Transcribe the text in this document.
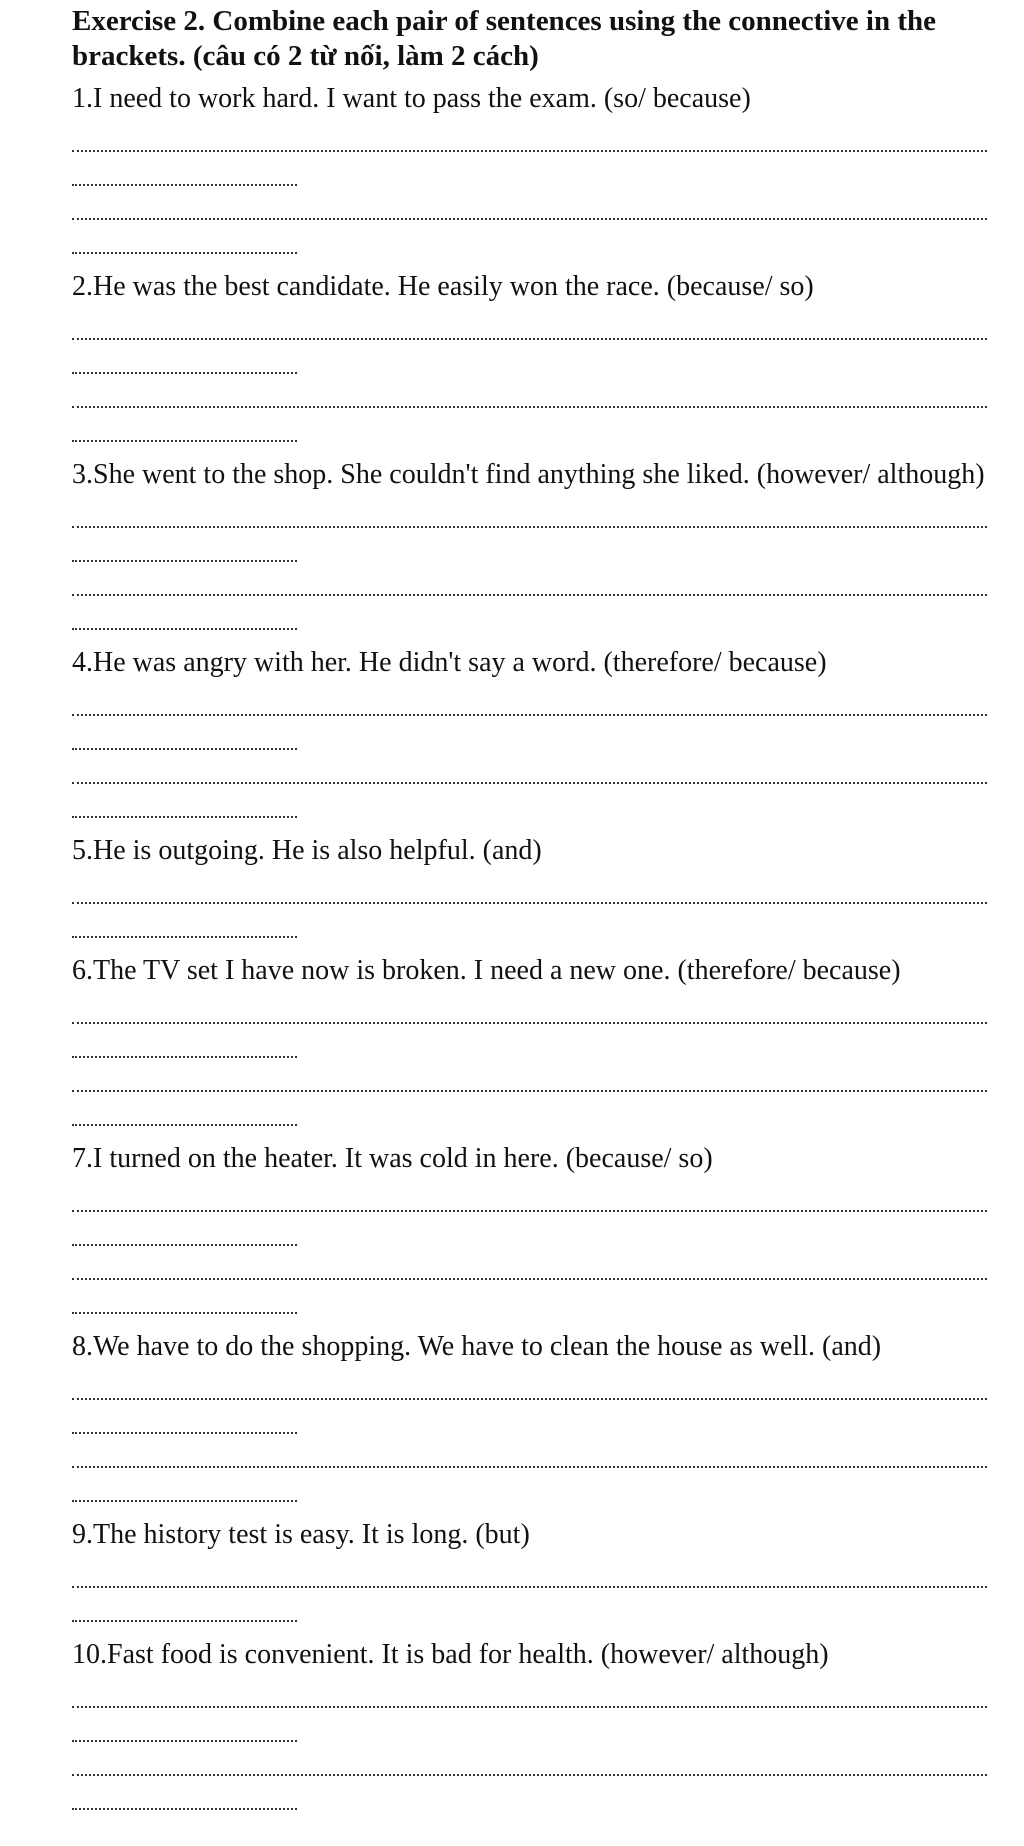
Exercise 2. Combine each pair of sentences using the connective in the brackets. (câu có 2 từ nối, làm 2 cách)
1.I need to work hard. I want to pass the exam. (so/ because)
2.He was the best candidate. He easily won the race. (because/ so)
3.She went to the shop. She couldn't find anything she liked. (however/ although)
4.He was angry with her. He didn't say a word. (therefore/ because)
5.He is outgoing. He is also helpful. (and)
6.The TV set I have now is broken. I need a new one. (therefore/ because)
7.I turned on the heater. It was cold in here. (because/ so)
8.We have to do the shopping. We have to clean the house as well. (and)
9.The history test is easy. It is long. (but)
10.Fast food is convenient. It is bad for health. (however/ although)
